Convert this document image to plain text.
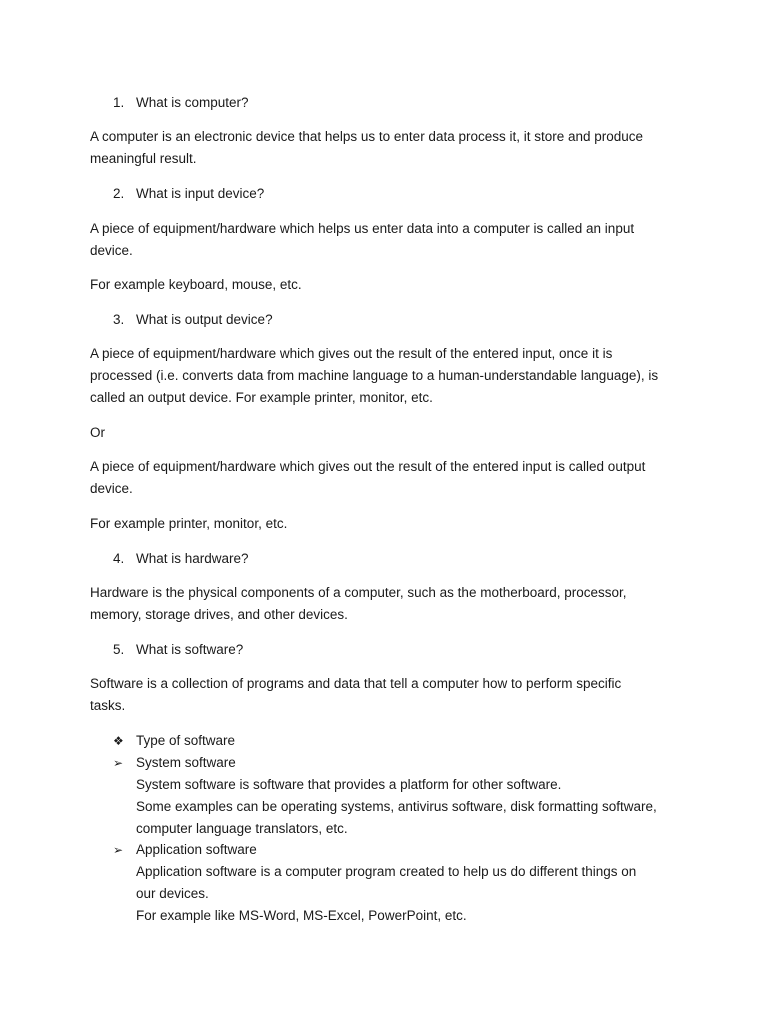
1. What is computer?
A computer is an electronic device that helps us to enter data process it, it store and produce
meaningful result.
2. What is input device?
A piece of equipment/hardware which helps us enter data into a computer is called an input
device.
For example keyboard, mouse, etc.
3. What is output device?
A piece of equipment/hardware which gives out the result of the entered input, once it is
processed (i.e. converts data from machine language to a human-understandable language), is
called an output device. For example printer, monitor, etc.
Or
A piece of equipment/hardware which gives out the result of the entered input is called output
device.
For example printer, monitor, etc.
4. What is hardware?
Hardware is the physical components of a computer, such as the motherboard, processor,
memory, storage drives, and other devices.
5. What is software?
Software is a collection of programs and data that tell a computer how to perform specific
tasks.
❖ Type of software
➢ System software
System software is software that provides a platform for other software.
Some examples can be operating systems, antivirus software, disk formatting software,
computer language translators, etc.
➢ Application software
Application software is a computer program created to help us do different things on
our devices.
For example like MS-Word, MS-Excel, PowerPoint, etc.
